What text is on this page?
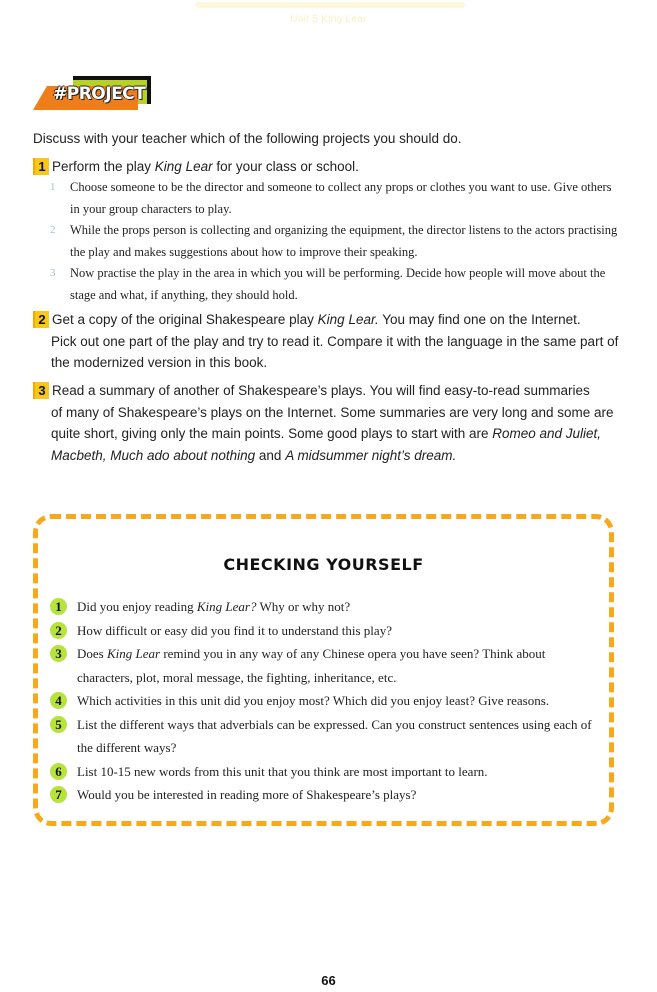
Unit 5 King Lear
#PROJECT
Discuss with your teacher which of the following projects you should do.
1 Perform the play King Lear for your class or school.
1	Choose someone to be the director and someone to collect any props or clothes you want to use. Give others in your group characters to play.
2	While the props person is collecting and organizing the equipment, the director listens to the actors practising the play and makes suggestions about how to improve their speaking.
3	Now practise the play in the area in which you will be performing. Decide how people will move about the stage and what, if anything, they should hold.
2 Get a copy of the original Shakespeare play King Lear. You may find one on the Internet.
Pick out one part of the play and try to read it. Compare it with the language in the same part of the modernized version in this book.
3 Read a summary of another of Shakespeare’s plays. You will find easy-to-read summaries
of many of Shakespeare’s plays on the Internet. Some summaries are very long and some are quite short, giving only the main points. Some good plays to start with are Romeo and Juliet, Macbeth, Much ado about nothing and A midsummer night’s dream.
CHECKING YOURSELF
1	Did you enjoy reading King Lear? Why or why not?
2	How difficult or easy did you find it to understand this play?
3	Does King Lear remind you in any way of any Chinese opera you have seen? Think about characters, plot, moral message, the fighting, inheritance, etc.
4	Which activities in this unit did you enjoy most? Which did you enjoy least? Give reasons.
5	List the different ways that adverbials can be expressed. Can you construct sentences using each of the different ways?
6	List 10-15 new words from this unit that you think are most important to learn.
7	Would you be interested in reading more of Shakespeare’s plays?
66
